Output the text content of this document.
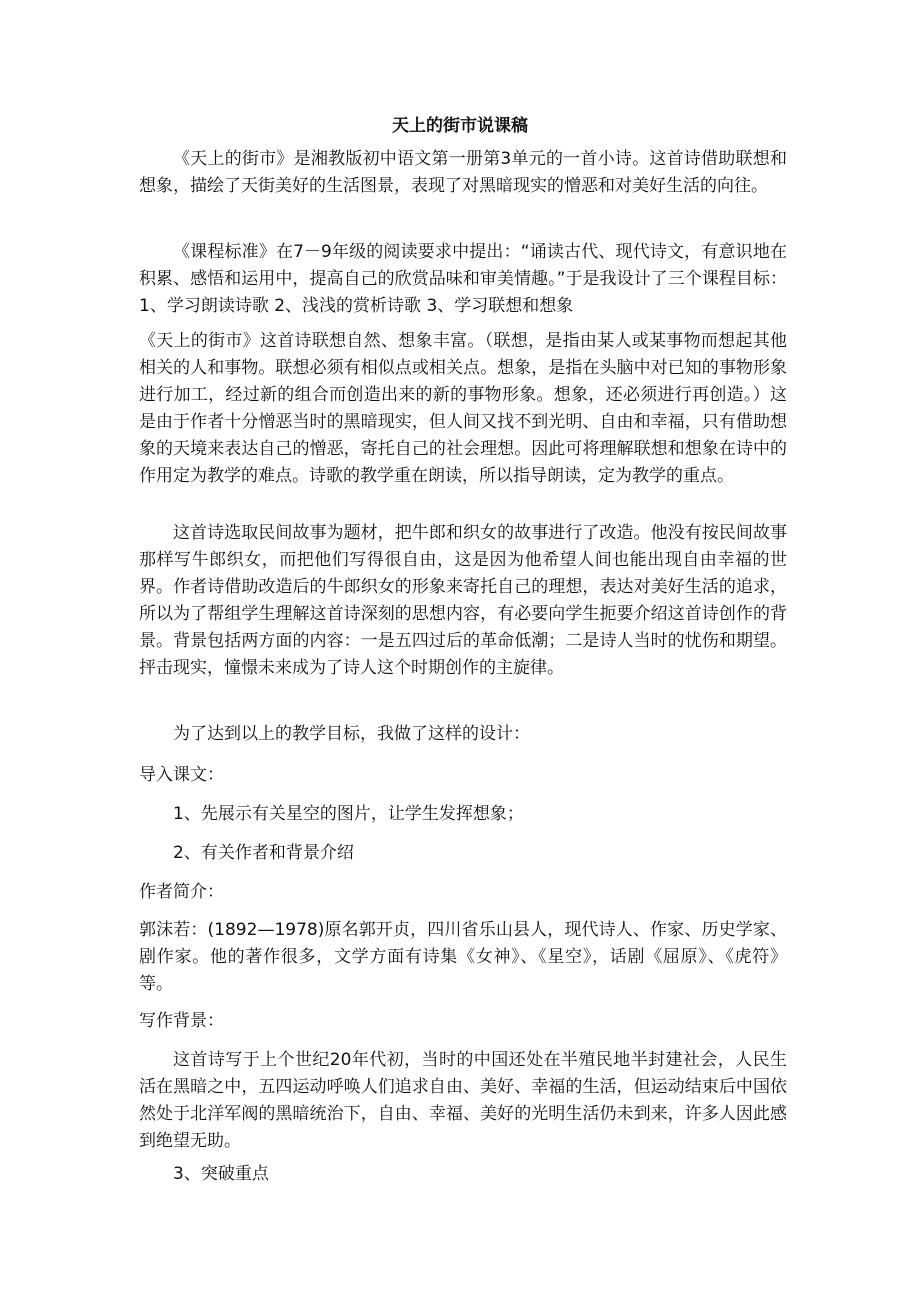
天上的街市说课稿

《天上的街市》是湘教版初中语文第一册第3单元的一首小诗。这首诗借助联想和想象，描绘了天街美好的生活图景，表现了对黑暗现实的憎恶和对美好生活的向往。

《课程标准》在7－9年级的阅读要求中提出：“诵读古代、现代诗文，有意识地在积累、感悟和运用中，提高自己的欣赏品味和审美情趣。”于是我设计了三个课程目标：1、学习朗读诗歌 2、浅浅的赏析诗歌 3、学习联想和想象

《天上的街市》这首诗联想自然、想象丰富。（联想，是指由某人或某事物而想起其他相关的人和事物。联想必须有相似点或相关点。想象，是指在头脑中对已知的事物形象进行加工，经过新的组合而创造出来的新的事物形象。想象，还必须进行再创造。）这是由于作者十分憎恶当时的黑暗现实，但人间又找不到光明、自由和幸福，只有借助想象的天境来表达自己的憎恶，寄托自己的社会理想。因此可将理解联想和想象在诗中的作用定为教学的难点。诗歌的教学重在朗读，所以指导朗读，定为教学的重点。

这首诗选取民间故事为题材，把牛郎和织女的故事进行了改造。他没有按民间故事那样写牛郎织女，而把他们写得很自由，这是因为他希望人间也能出现自由幸福的世界。作者诗借助改造后的牛郎织女的形象来寄托自己的理想，表达对美好生活的追求，所以为了帮组学生理解这首诗深刻的思想内容，有必要向学生扼要介绍这首诗创作的背景。背景包括两方面的内容：一是五四过后的革命低潮；二是诗人当时的忧伤和期望。抨击现实，憧憬未来成为了诗人这个时期创作的主旋律。

为了达到以上的教学目标，我做了这样的设计：

导入课文：

1、先展示有关星空的图片，让学生发挥想象；

2、有关作者和背景介绍

作者简介：

郭沫若：(1892—1978)原名郭开贞，四川省乐山县人，现代诗人、作家、历史学家、剧作家。他的著作很多，文学方面有诗集《女神》、《星空》，话剧《屈原》、《虎符》等。

写作背景：

这首诗写于上个世纪20年代初，当时的中国还处在半殖民地半封建社会，人民生活在黑暗之中，五四运动呼唤人们追求自由、美好、幸福的生活，但运动结束后中国依然处于北洋军阀的黑暗统治下，自由、幸福、美好的光明生活仍未到来，许多人因此感到绝望无助。

3、突破重点
